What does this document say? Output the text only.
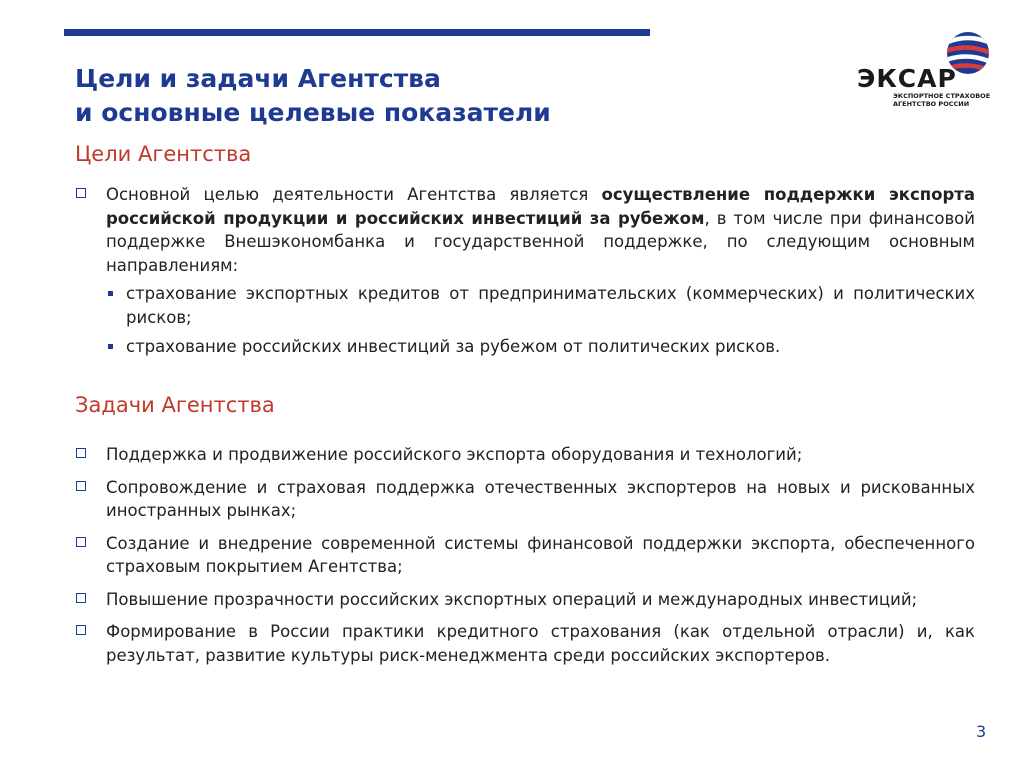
Цели и задачи Агентства
и основные целевые показатели
ЭКСАР
ЭКСПОРТНОЕ СТРАХОВОЕ
АГЕНТСТВО РОССИИ
Цели Агентства
Основной целью деятельности Агентства является осуществление поддержки экспорта российской продукции и российских инвестиций за рубежом, в том числе при финансовой поддержке Внешэкономбанка и государственной поддержке, по следующим основным направлениям:
страхование экспортных кредитов от предпринимательских (коммерческих) и политических рисков;
страхование российских инвестиций за рубежом от политических рисков.
Задачи Агентства
Поддержка и продвижение российского экспорта оборудования и технологий;
Сопровождение и страховая поддержка отечественных экспортеров на новых и рискованных иностранных рынках;
Создание и внедрение современной системы финансовой поддержки экспорта, обеспеченного страховым покрытием Агентства;
Повышение прозрачности российских экспортных операций и международных инвестиций;
Формирование в России практики кредитного страхования (как отдельной отрасли) и, как результат, развитие культуры риск-менеджмента среди российских экспортеров.
3
